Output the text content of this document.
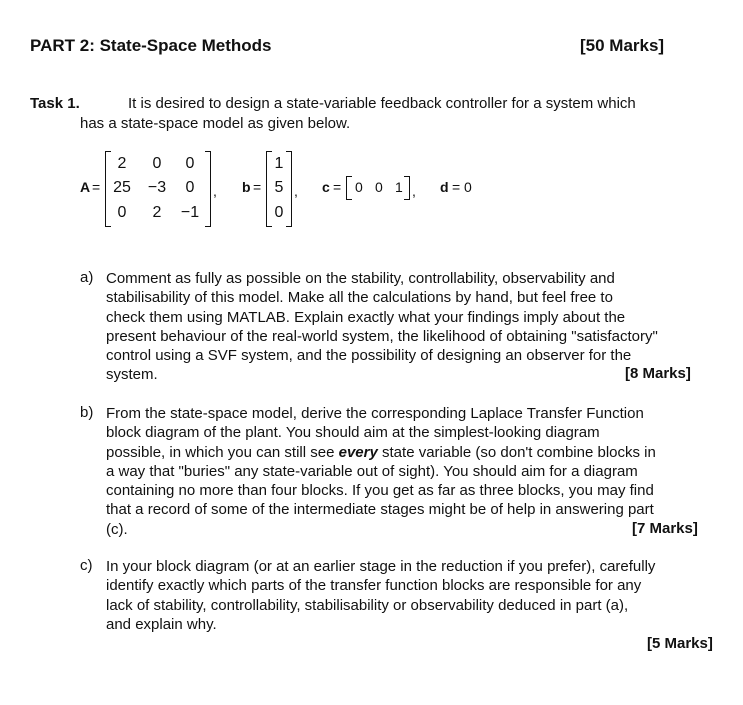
PART 2: State-Space Methods	[50 Marks]
Task 1.	It is desired to design a state-variable feedback controller for a system which
has a state-space model as given below.
A =
2	0	0
25	−3	0
0	2	−1
, b =
1
5
0
, c = 0 0 1 , d = 0
a) Comment as fully as possible on the stability, controllability, observability and
stabilisability of this model. Make all the calculations by hand, but feel free to
check them using MATLAB. Explain exactly what your findings imply about the
present behaviour of the real-world system, the likelihood of obtaining "satisfactory"
control using a SVF system, and the possibility of designing an observer for the
system.	[8 Marks]
b) From the state-space model, derive the corresponding Laplace Transfer Function
block diagram of the plant. You should aim at the simplest-looking diagram
possible, in which you can still see every state variable (so don't combine blocks in
a way that "buries" any state-variable out of sight). You should aim for a diagram
containing no more than four blocks. If you get as far as three blocks, you may find
that a record of some of the intermediate stages might be of help in answering part
(c).	[7 Marks]
c) In your block diagram (or at an earlier stage in the reduction if you prefer), carefully
identify exactly which parts of the transfer function blocks are responsible for any
lack of stability, controllability, stabilisability or observability deduced in part (a),
and explain why.
[5 Marks]
